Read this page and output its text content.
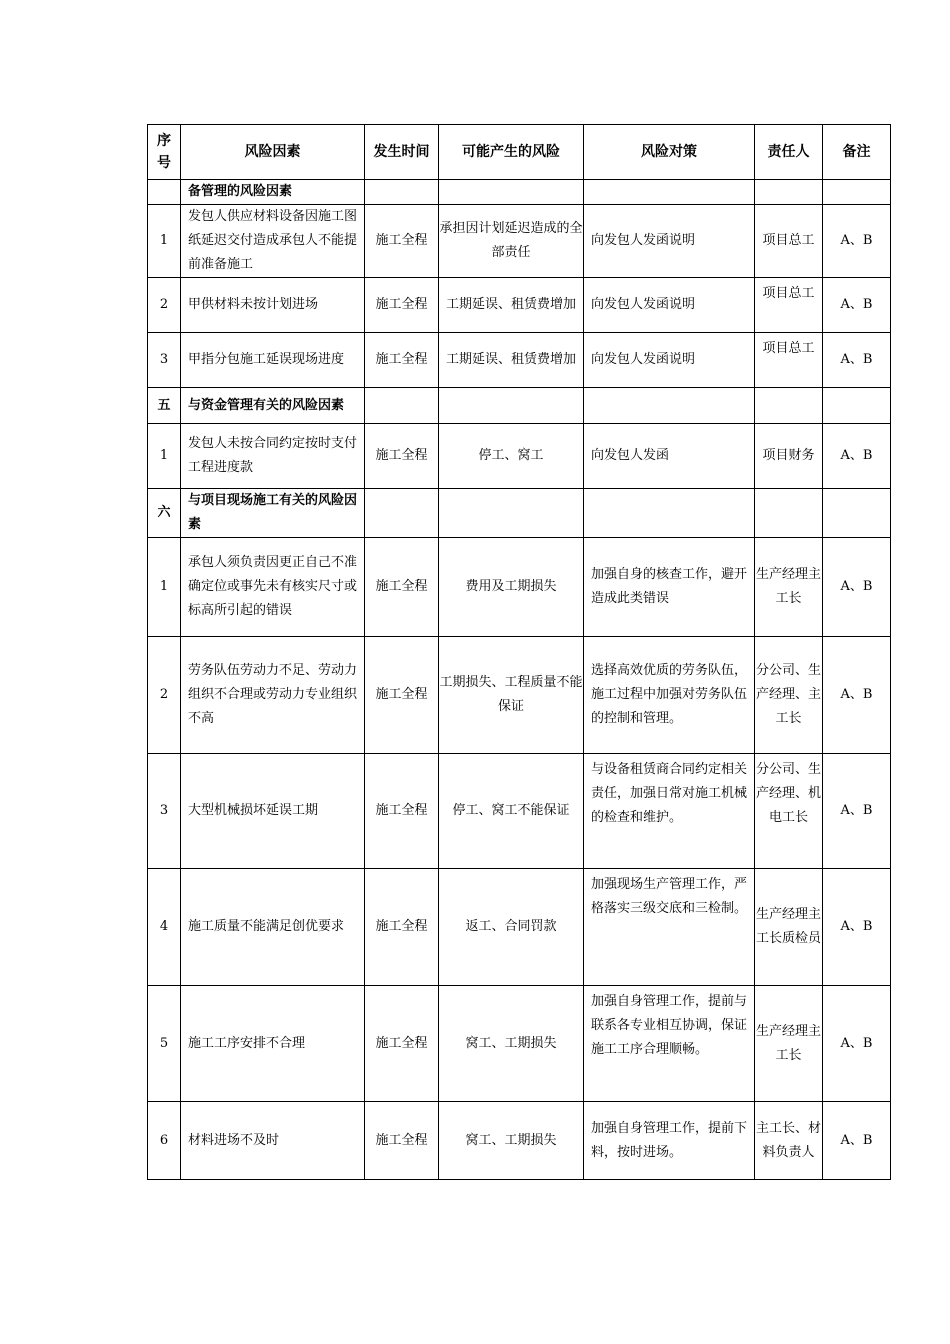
序号	风险因素	发生时间	可能产生的风险	风险对策	责任人	备注
	备管理的风险因素					
1	发包人供应材料设备因施工图纸延迟交付造成承包人不能提前准备施工	施工全程	承担因计划延迟造成的全部责任	向发包人发函说明	项目总工	A、B
2	甲供材料未按计划进场	施工全程	工期延误、租赁费增加	向发包人发函说明	项目总工	A、B
3	甲指分包施工延误现场进度	施工全程	工期延误、租赁费增加	向发包人发函说明	项目总工	A、B
五	与资金管理有关的风险因素					
1	发包人未按合同约定按时支付工程进度款	施工全程	停工、窝工	向发包人发函	项目财务	A、B
六	与项目现场施工有关的风险因素					
1	承包人须负责因更正自己不准确定位或事先未有核实尺寸或标高所引起的错误	施工全程	费用及工期损失	加强自身的核查工作，避开造成此类错误	生产经理主工长	A、B
2	劳务队伍劳动力不足、劳动力组织不合理或劳动力专业组织不高	施工全程	工期损失、工程质量不能保证	选择高效优质的劳务队伍，施工过程中加强对劳务队伍的控制和管理。	分公司、生产经理、主工长	A、B
3	大型机械损坏延误工期	施工全程	停工、窝工不能保证	与设备租赁商合同约定相关责任，加强日常对施工机械的检查和维护。	分公司、生产经理、机电工长	A、B
4	施工质量不能满足创优要求	施工全程	返工、合同罚款	加强现场生产管理工作，严格落实三级交底和三检制。	生产经理主工长质检员	A、B
5	施工工序安排不合理	施工全程	窝工、工期损失	加强自身管理工作，提前与联系各专业相互协调，保证施工工序合理顺畅。	生产经理主工长	A、B
6	材料进场不及时	施工全程	窝工、工期损失	加强自身管理工作，提前下料，按时进场。	主工长、材料负责人	A、B
